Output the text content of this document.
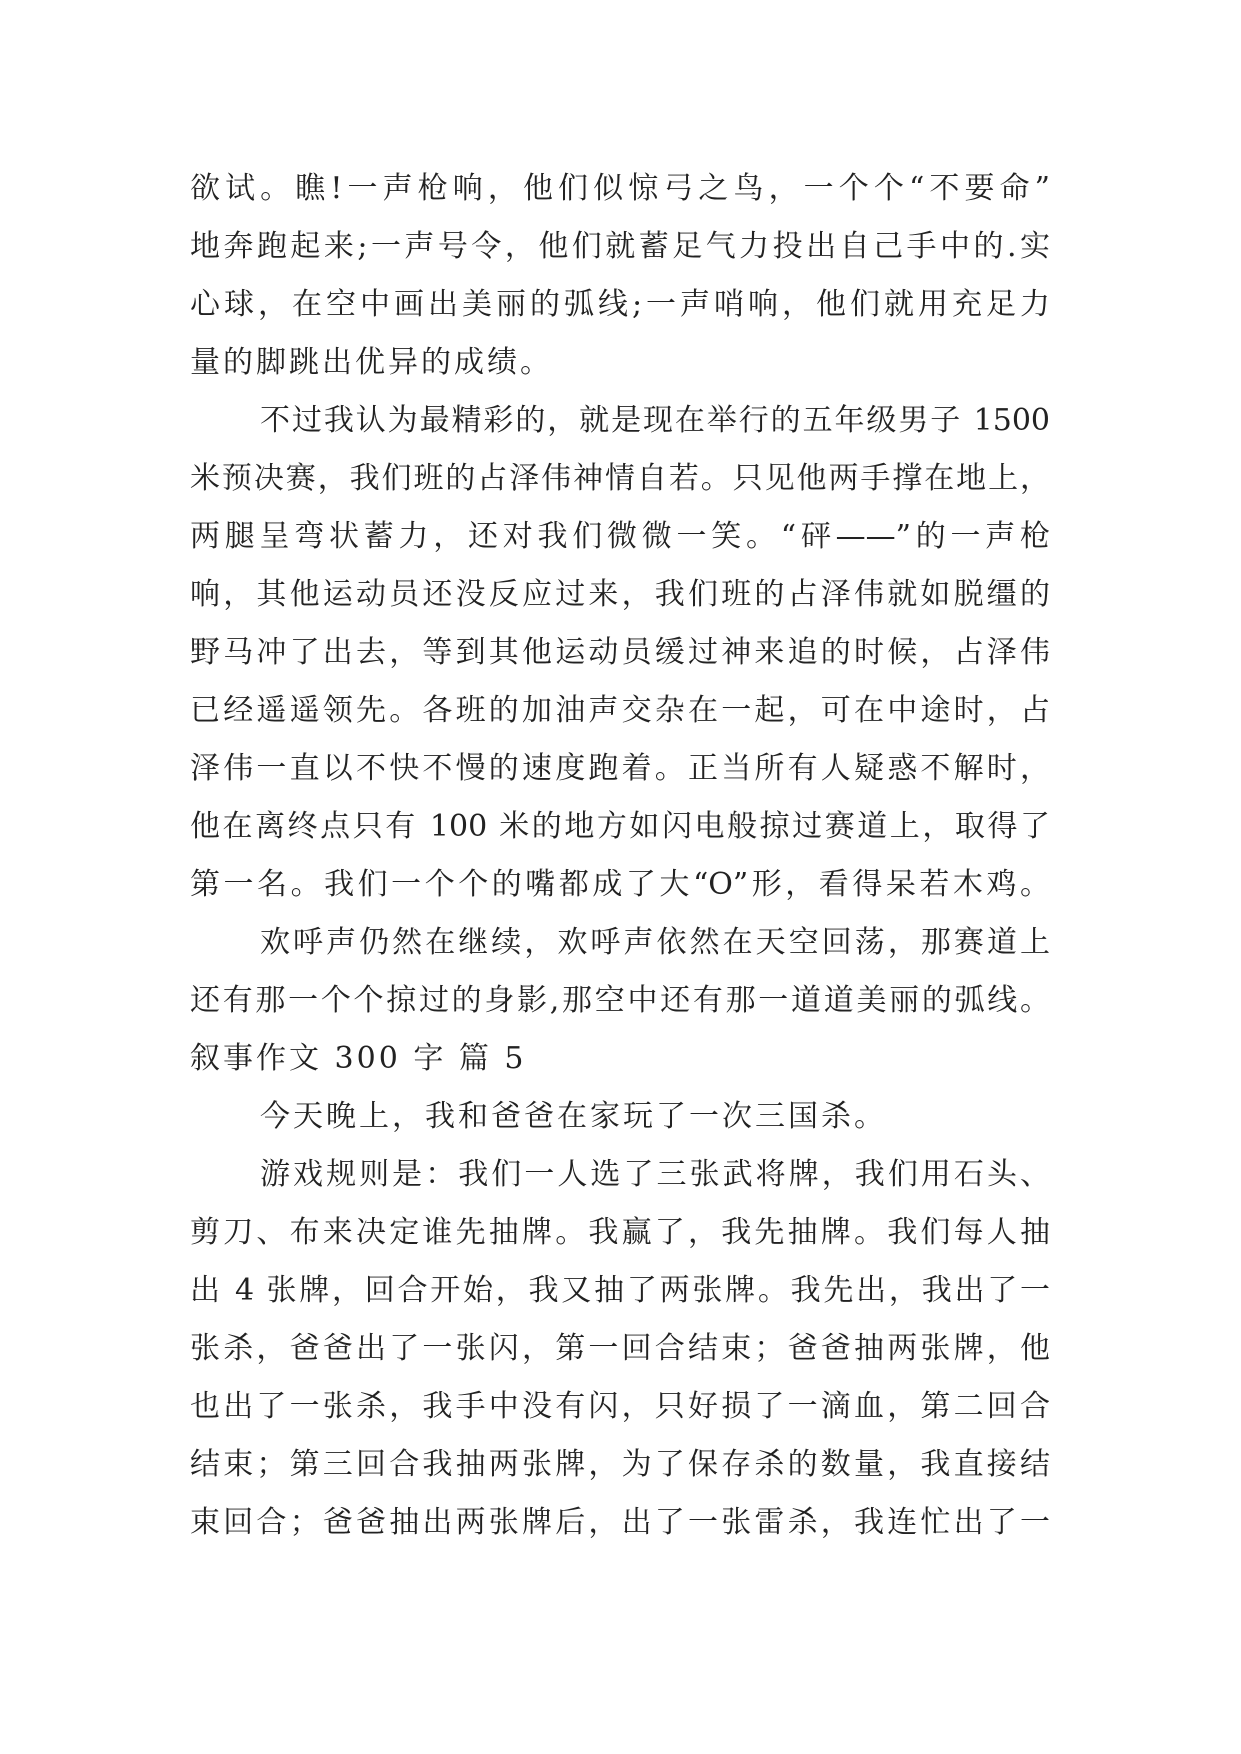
欲试。瞧!一声枪响，他们似惊弓之鸟，一个个“不要命”
地奔跑起来;一声号令，他们就蓄足气力投出自己手中的.实
心球，在空中画出美丽的弧线;一声哨响，他们就用充足力
量的脚跳出优异的成绩。
不过我认为最精彩的，就是现在举行的五年级男子 1500
米预决赛，我们班的占泽伟神情自若。只见他两手撑在地上，
两腿呈弯状蓄力，还对我们微微一笑。“砰——”的一声枪
响，其他运动员还没反应过来，我们班的占泽伟就如脱缰的
野马冲了出去，等到其他运动员缓过神来追的时候，占泽伟
已经遥遥领先。各班的加油声交杂在一起，可在中途时，占
泽伟一直以不快不慢的速度跑着。正当所有人疑惑不解时，
他在离终点只有 100 米的地方如闪电般掠过赛道上，取得了
第一名。我们一个个的嘴都成了大“O”形，看得呆若木鸡。
欢呼声仍然在继续，欢呼声依然在天空回荡，那赛道上
还有那一个个掠过的身影,那空中还有那一道道美丽的弧线。
叙事作文 300 字 篇 5
今天晚上，我和爸爸在家玩了一次三国杀。
游戏规则是：我们一人选了三张武将牌，我们用石头、
剪刀、布来决定谁先抽牌。我赢了，我先抽牌。我们每人抽
出 4 张牌，回合开始，我又抽了两张牌。我先出，我出了一
张杀，爸爸出了一张闪，第一回合结束；爸爸抽两张牌，他
也出了一张杀，我手中没有闪，只好损了一滴血，第二回合
结束；第三回合我抽两张牌，为了保存杀的数量，我直接结
束回合；爸爸抽出两张牌后，出了一张雷杀，我连忙出了一
